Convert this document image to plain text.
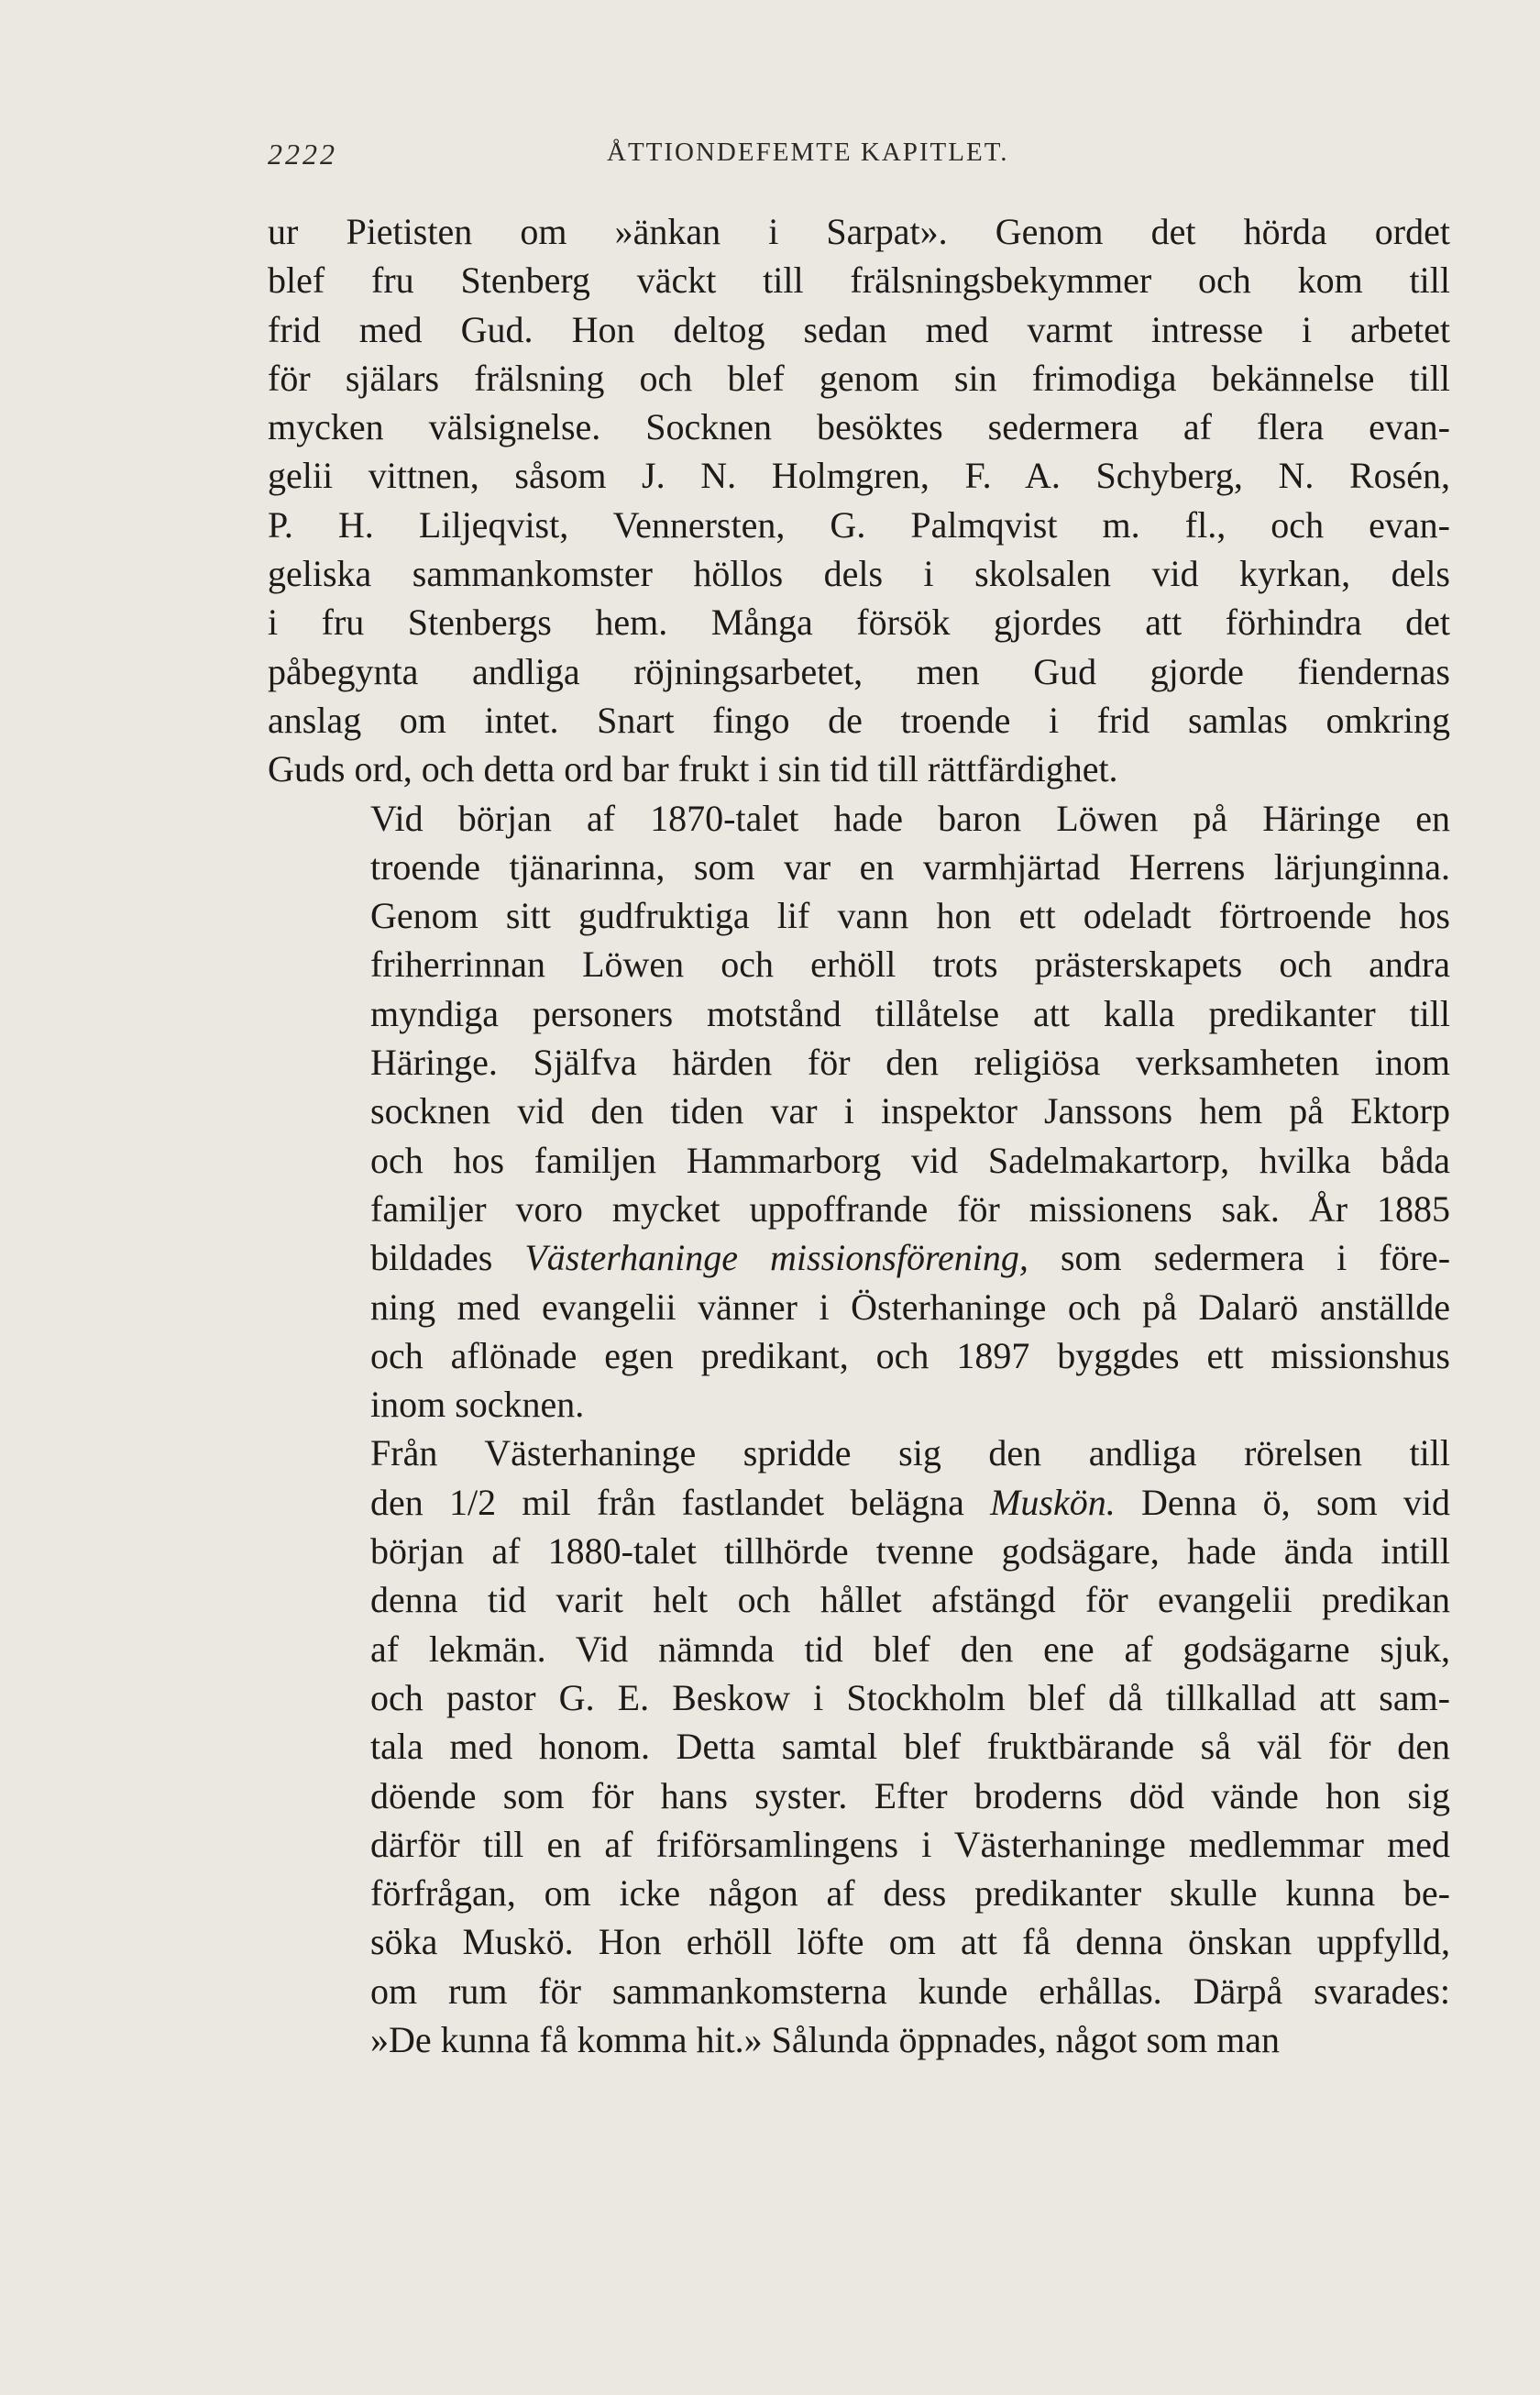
2222	ÅTTIONDEFEMTE KAPITLET.
ur Pietisten om »änkan i Sarpat». Genom det hörda ordet
blef fru Stenberg väckt till frälsningsbekymmer och kom till
frid med Gud. Hon deltog sedan med varmt intresse i arbetet
för själars frälsning och blef genom sin frimodiga bekännelse till
mycken välsignelse. Socknen besöktes sedermera af flera evan-
gelii vittnen, såsom J. N. Holmgren, F. A. Schyberg, N. Rosén,
P. H. Liljeqvist, Vennersten, G. Palmqvist m. fl., och evan-
geliska sammankomster höllos dels i skolsalen vid kyrkan, dels
i fru Stenbergs hem. Många försök gjordes att förhindra det
påbegynta andliga röjningsarbetet, men Gud gjorde fiendernas
anslag om intet. Snart fingo de troende i frid samlas omkring
Guds ord, och detta ord bar frukt i sin tid till rättfärdighet.
Vid början af 1870-talet hade baron Löwen på Häringe en
troende tjänarinna, som var en varmhjärtad Herrens lärjunginna.
Genom sitt gudfruktiga lif vann hon ett odeladt förtroende hos
friherrinnan Löwen och erhöll trots prästerskapets och andra
myndiga personers motstånd tillåtelse att kalla predikanter till
Häringe. Själfva härden för den religiösa verksamheten inom
socknen vid den tiden var i inspektor Janssons hem på Ektorp
och hos familjen Hammarborg vid Sadelmakartorp, hvilka båda
familjer voro mycket uppoffrande för missionens sak. År 1885
bildades Västerhaninge missionsförening, som sedermera i före-
ning med evangelii vänner i Österhaninge och på Dalarö anställde
och aflönade egen predikant, och 1897 byggdes ett missionshus
inom socknen.
Från Västerhaninge spridde sig den andliga rörelsen till
den 1/2 mil från fastlandet belägna Muskön. Denna ö, som vid
början af 1880-talet tillhörde tvenne godsägare, hade ända intill
denna tid varit helt och hållet afstängd för evangelii predikan
af lekmän. Vid nämnda tid blef den ene af godsägarne sjuk,
och pastor G. E. Beskow i Stockholm blef då tillkallad att sam-
tala med honom. Detta samtal blef fruktbärande så väl för den
döende som för hans syster. Efter broderns död vände hon sig
därför till en af friförsamlingens i Västerhaninge medlemmar med
förfrågan, om icke någon af dess predikanter skulle kunna be-
söka Muskö. Hon erhöll löfte om att få denna önskan uppfylld,
om rum för sammankomsterna kunde erhållas. Därpå svarades:
»De kunna få komma hit.» Sålunda öppnades, något som man
